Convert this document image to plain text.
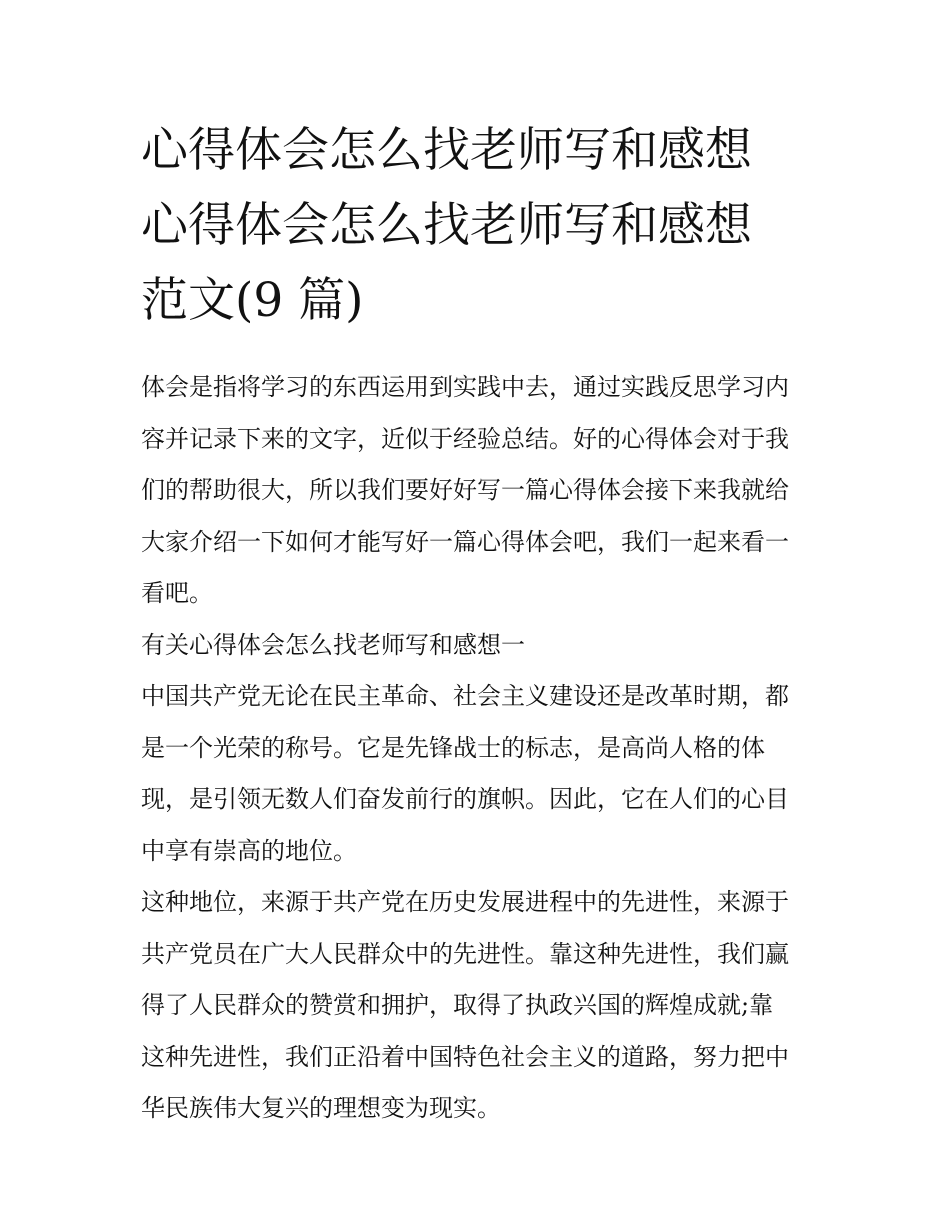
心得体会怎么找老师写和感想
心得体会怎么找老师写和感想
范文(9 篇)

体会是指将学习的东西运用到实践中去，通过实践反思学习内
容并记录下来的文字，近似于经验总结。好的心得体会对于我
们的帮助很大，所以我们要好好写一篇心得体会接下来我就给
大家介绍一下如何才能写好一篇心得体会吧，我们一起来看一
看吧。

有关心得体会怎么找老师写和感想一

中国共产党无论在民主革命、社会主义建设还是改革时期，都
是一个光荣的称号。它是先锋战士的标志，是高尚人格的体
现，是引领无数人们奋发前行的旗帜。因此，它在人们的心目
中享有崇高的地位。

这种地位，来源于共产党在历史发展进程中的先进性，来源于
共产党员在广大人民群众中的先进性。靠这种先进性，我们赢
得了人民群众的赞赏和拥护，取得了执政兴国的辉煌成就;靠
这种先进性，我们正沿着中国特色社会主义的道路，努力把中
华民族伟大复兴的理想变为现实。
